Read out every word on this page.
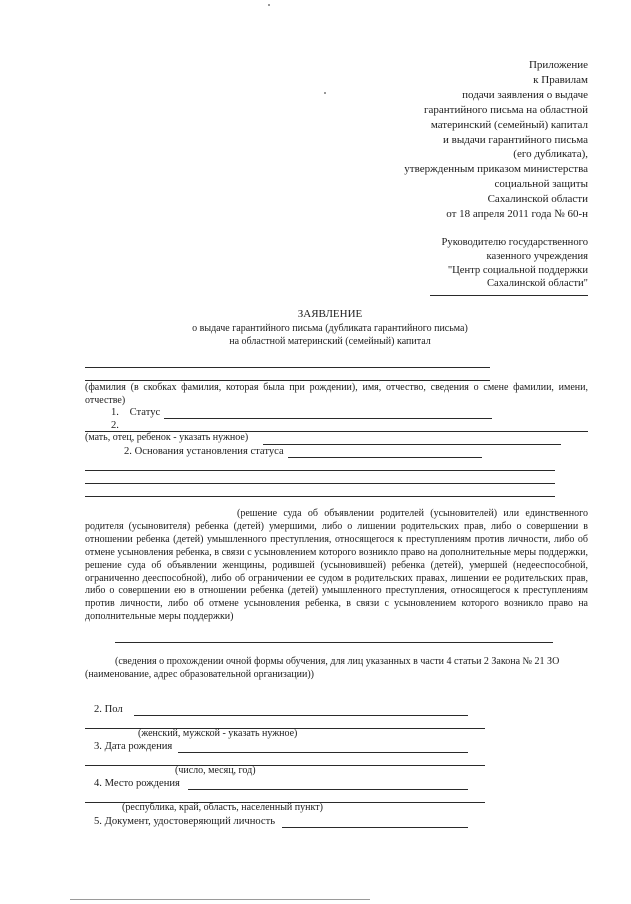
Приложение
к Правилам
подачи заявления о выдаче
гарантийного письма на областной
материнский (семейный) капитал
и выдачи гарантийного письма
(его дубликата),
утвержденным приказом министерства
социальной защиты
Сахалинской области
от 18 апреля 2011 года № 60-н
Руководителю государственного
казенного учреждения
"Центр социальной поддержки
Сахалинской области"
ЗАЯВЛЕНИЕ
о выдаче гарантийного письма (дубликата гарантийного письма)
на областной материнский (семейный) капитал
(фамилия (в скобках фамилия, которая была при рождении), имя, отчество, сведения о смене фамилии, имени, отчестве)
1. Статус
2.
(мать, отец, ребенок - указать нужное)
2. Основания установления статуса
(решение суда об объявлении родителей (усыновителей) или единственного родителя (усыновителя) ребенка (детей) умершими, либо о лишении родительских прав, либо о совершении в отношении ребенка (детей) умышленного преступления, относящегося к преступлениям против личности, либо об отмене усыновления ребенка, в связи с усыновлением которого возникло право на дополнительные меры поддержки, решение суда об объявлении женщины, родившей (усыновившей) ребенка (детей), умершей (недееспособной, ограниченно дееспособной), либо об ограничении ее судом в родительских правах, лишении ее родительских прав, либо о совершении ею в отношении ребенка (детей) умышленного преступления, относящегося к преступлениям против личности, либо об отмене усыновления ребенка, в связи с усыновлением которого возникло право на дополнительные меры поддержки)
(сведения о прохождении очной формы обучения, для лиц указанных в части 4 статьи 2 Закона № 21 ЗО (наименование, адрес образовательной организации))
2. Пол
(женский, мужской - указать нужное)
3. Дата рождения
(число, месяц, год)
4. Место рождения
(республика, край, область, населенный пункт)
5. Документ, удостоверяющий личность
